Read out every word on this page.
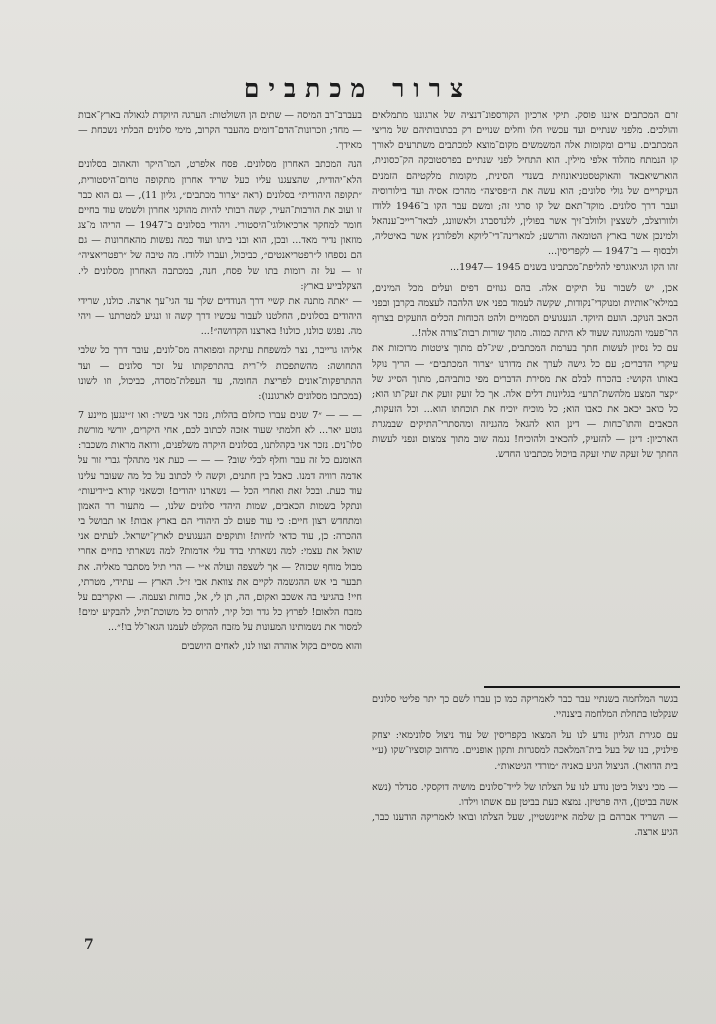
צרור מכתבים

זרם המכתבים איננו פוסק. תיקי ארכיון הקורספונ־דנציה של ארגוננו מתמלאים והולכים. מלפני שנתיים ועד עכשיו חלו וחלים שנויים רק בכתובותיהם של מריצי המכתבים. ערים ומקומות אלה המשמשים מקום־מוצא למכתבים משתרעים לאורך קו הנמתח מהלוד אלפי מילין. הוא התחיל לפני שנתיים בפרסטובקה הק־כסונית, הוארשיאבאד והאוקטסטניאונוזית בשנדי הסינית, מקומות מלקטיהם הזמנים העיקריים של גולי סלונים; הוא עשה את ה״פסיצה״ מהרכז אסיה ועד בילורוסיה ועבר דרך סלונים. מוקד־תאם של קו סרגי זה; ומשם עבר הקו ב־1946 ללודז ולוורוצלב, לשצצין ולוולב־זיך אשר בפולין, ללנדסברג ולאשוונג, לבאד־רייכ־ענהאל ולמינכן אשר בארץ הטומאה והרשע; למארינה־די־ליוקא ולפלורנץ אשר באיטליה, ולבסוף — ב־1947 — לקפריסין...

זהו הקו הגיאוגרפי להליפת־מכתבינו בשנים 1945 —1947...

אכן, יש לשבור על תיקים אלה. בהם גנוזים דפים ועלים מכל המינים, במילאי־אותיות ומנוקדי־נקודות, שקשה לעמוד בפני אש הלהבה לעצמה בקרבן ובפני הכאב הנוקב. הועם היוקד. הגעגועים הסמויים ולהט הכוחות הכלים הוזעקים בצרוף הר־פעמי והמגוונה שעוד לא היתה כמוה. מתוך שורות רבות־צורה אלה!..

עם כל נסיון לעשות חתך בערמת המכתבים, שיג־לם מתוך ציטטות מרוכזות את עיקרי הדברים; עם כל גישה לערך את מדורנו ״צרור המכתבים״ — הריך נוקל באותו הקושי: בהכרח לבלם את מסירת הדברים מפי כותביהם, מתוך הסייג של ״קצר המצע מלהשת־תרע״ בגליונות דלים אלה. אך כל זועק זועק את זעק־תו הוא; כל כואב יכאב את כאבו הוא; כל מוכיח יוכיח את תוכחתו הוא... וכל הזעקות, הכאבים והתו־כחות — דינן הוא להגאל מהגניזה ומהסתרי־התיקים שבמגרת הארכיון: דינן — להזעיק, להכאיב ולהוכיח! נגמה שוב מתוך צמצום ונפני לעשות החתך של זעקה שתי זעקה בויכול מכתבינו החדש.

בגשר המלחמה בשנתיי עבר כבר לאמריקה כמו כן עברו לשם כך יתר פליטי סלונים שנקלטו בתחלת המלחמה ביצנהיי.

עם סגירת הגליון נודע לנו על המצאו בקפריסין של עוד ניצול סלונימאי: יצחק פילניק, בנו של בעל בית־המלאכה למסגרות ותקון אופניים. מרחוב קוסציו־שקו (ע״י בית הדואר). הניצול הגיע באניה ״מורדי הגיטאות״.

— מכי ניצול ביטן נודע לנו על הצלתו של לייד־סלונים מושיה דוקסקי. סנדלר (נשא אשה בביטן), היה פרטיזן. נמצא כעת בביטן עם אשתו וילדו.

— השריד אברהם בן שלמה אייזנשטיין, שעל הצלתו ובואו לאמריקה הודענו כבר, הגיע ארצה.

בעברב־רב המיסה — שתים הן השולטות: הערגה היוקדת לגאולה בארץ־אבות — מחד; וזכרונות־הדם־דומים מהעבר הקרוב, מימי סלונים הבלתי נשכחת — מאידך.

הנה המכתב האחרון מסלונים. פסח אלפרט, המו־היקר והאהוב בסלונים הלא־יהודית, שהצעגנו עליו כעל שריד אחרון מתקופה טרום־היסטורית, ״תקופה היהודית״ בסלונים (ראה ״צרור מכתבים״, גליון 11), — גם הוא כבר זו ועוב את הורבות־העיר, קשה רבותי להיות מהוקני אחרון ולשמש עוד בחיים חומר למחקר ארכיאולוגי־היסטורי. ויהודי בסלונים ב־1947 — הריהו מ־צג מוזאון נדיר מאד... ובכן, הוא ובני ביתו ועוד כמה נפשות מהאחרונות — גם הם נספחו ל״רפטריאנטים״, כביכול, ועברו ללודז. מה טיבה של ״רפטריאציה״ זו — על זה רומות בתו של פסח, חנה, במכתבה האחרון מסלונים לי. הצקלבייע בארץ:

— ״אתה מתנה את קשיי דרך הנודדים שלך עד הגי־עך ארצה. כולנו, שרידי היהודים בסלונים, החלטנו לעבור עכשיו דרך קשה זו ונגיע למטרתנו — ויהי מה. נפגש כולנו, כולנו! בארצנו הקדושה״!...

אליהו גרייבר, נצר למשפחת עתיקה ומפוארה מס־לונים, עובר דרך כל שלבי התחושה: מהשתפכות לי־רית בהתרפקותו על זכר סלונים — ועד ההתרפקות־אונים לפריצת החומה, עד העפלת־מסדה, כביכול, וזו לשונו (במכתבו מסלונים לארגוננו):

— — — ״7 שנים עברו כחלום בהלות, נזכר אני בשיר: ואו ז״ינגען מיינע 7 גוטע יאר... לא חלמתי שעוד אזכה לכתוב לכם, אחי היקרים, יורשי מורשת סלו־נים. נזכר אני בקהלתנו, בסלונים היקרה משלפנים, ורואה מראות משכבר: האומנם כל זה עבר וחלף לבלי שוב? — — — כעת אני מתהלך גברי זור על אדמה רוויה דמנו. כאבל בין חתנים, וקשה לי לכתוב על כל מה שעובר עלינו עוד כעת. ובכל זאת ואחרי הכל — נשארנו יהודים! וכשאני קורא ב״ידיעות״ ונתקל בשמות הכאבים, שמות היהדי סלונים שלנו, — מתעור רר האמון ומתחדש רצון חיים: כי עוד פעום לב היהודי הם בארץ אבות! או תבושל בי ההכרה: כן, עוד כדאי לחיות! ותוקפים הגעגועים לארץ־ישראל. לעתים אני שואל את עצמי: למה נשארתי בדד עלי אדמות? למה נשארתי בחיים אחרי מבול מוחף שכזה? — אך לשצפה ועולה א״י — הרי תיל מסתבר מאליה. את תבער בי אש ההגשמה לקיים את צוואת אבי ז״ל. הארץ — עתידי, מטרתי, חיי! בהגיעי בה אשכב ואקום, הה, תן לי, אל, כוחות וצעמה. — ואקריבם על מזבח הלאום! לפרוץ כל גדר וכל קיר, להרוס כל משוכת־תיל, להבקיע ימים! למסור את נשמותינו המעונות על מזבח המקלט לעמנו הגאו־לל בו!״...

והוא מסיים בקול אוהרה וצוו לנו, לאחים היושבים

7
